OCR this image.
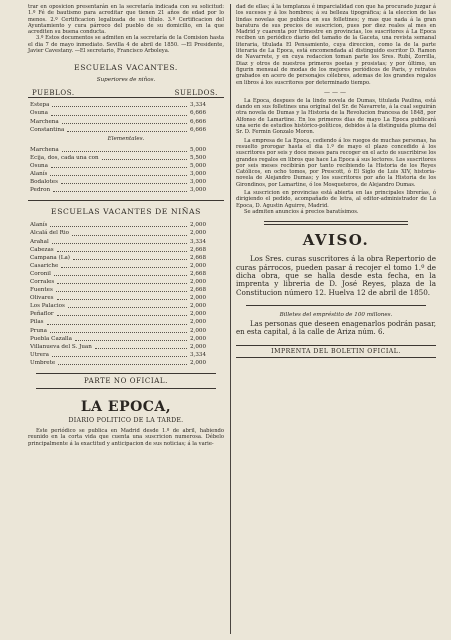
trar en oposicion presentarán en la secretaría indicada con su solicitud: 1.º Fé de bautismo para acreditar que tienen 21 años de edad por lo menos. 2.º Certificacion legalizada de su título. 3.º Certificacion del Ayuntamiento y cura párroco del pueblo de su domicilio, en la que acrediten su buena conducta.

3.º Estos documentos se admiten en la secretaría de la Comision hasta el dia 7 de mayo inmediato. Sevilla 4 de abril de 1850. —El Presidente, Javier Cavestany. —El secretario, Francisco Arboleya.

ESCUELAS VACANTES.
Superiores de niños.
PUEBLOS.	SUELDOS.
Estepa	3,334
Osuna	6,666
Marchena	6,666
Constantina	6,666
Elementales.
Marchena	5,000
Ecija, dos, cada una con	5,500
Osuna	5,000
Alanís	3,000
Bodalotes	3,000
Pedron	3,000
ESCUELAS VACANTES DE NIÑAS
Alanís	2,000
Alcalá del Rio	2,000
Arahal	3,334
Cabezas	2,668
Campana (La)	2,668
Casariche	2,000
Coronil	2,668
Corrales	2,000
Fuentes	2,668
Olivares	2,000
Los Palacios	2,000
Peñaflor	2,000
Pilas	2,000
Pruna	2,000
Puebla Cazalla	2,000
Villanueva del S. Juan	2,000
Utrera	3,334
Umbrete	2,000
PARTE NO OFICIAL.
LA EPOCA,
DIARIO POLITICO DE LA TARDE.

Este periódico se publica en Madrid desde 1.º de abril, habiendo reunido en la corta vida que cuenta una suscricion numerosa. Débelo principalmente á la exactitud y anticipacion de sus noticias; á la varie-

dad de ellas; á la templanza é imparcialidad con que ha procurado juzgar á los sucesos y á los hombres; á su belleza tipográfica; á la eleccion de las lindas novelas que publica en sus folletines; y mas que nada á la gran baratura de sus precios de suscricion, pues por diez reales al mes en Madrid y cuarenta por trimestre en provincias, los suscritores á La Epoca reciben un periódico diario del tamaño de la Gaceta, una revista semanal literaria, titulada El Pensamiento, cuya direccion, como la de la parte literaria de La Epoca, está encomendada al distinguido escritor D. Ramon de Navarrete, y en cuya redaccion toman parte los Sres. Rubí, Zorrilla, Diaz y otros de nuestros primeros poetas y prosistas; y por último, un figurin mensual de modas de los mejores periódicos de Paris, y retratos grabados en acero de personajes célebres, ademas de los grandes regalos en libros á los suscritores por determinado tiempo.

———

La Epoca, despues de la lindo novela de Dumas, titulada Paulina, está dando en sus folletines una original del Sr. de Navarrete, á la cual seguirán otra novela de Dumas y la Historia de la Revolucion francesa de 1848, por Alfonso de Lamartine. En los primeros dias de mayo La Epoca publicará una serie de estudios histórico-políticos, debidos á la distinguida pluma del Sr. D. Fermin Gonzalo Moron.

La empresa de La Epoca, cediendo á los ruegos de muchas personas, ha resuelto prorogar hasta el dia 1.º de mayo el plazo concedido á los suscritores por seis y doce meses para recoger en el acto de suscribirse los grandes regalos en libros que hace La Epoca á sus lectores. Los suscritores por seis meses recibirán por tanto recibiendo la Historia de los Reyes Católicos, en ocho tomos, por Prescott, ó El Siglo de Luis XIV, historia-novela de Alejandro Dumas; y los suscritores por año la Historia de los Girondinos, por Lamartine, ó los Mosqueteros, de Alejandro Dumas.

La suscricion en provincias está abierta en las principales librerías, ó dirigiendo el pedido, acompañado de letra, al editor-administrador de La Epoca, D. Agustin Aguirre, Madrid.

Se admiten anuncios á precios baratísimos.

AVISO.

Los Sres. curas suscritores á la obra Repertorio de curas párrocos, pueden pasar á recojer el tomo 1.º de dicha obra, que se halla desde esta fecha, en la imprenta y libreria de D. José Reyes, plaza de la Constitucion número 12. Huelva 12 de abril de 1850.

Billetes del empréstito de 100 millones.

Las personas que deseen enagenarlos podrán pasar, en esta capital, á la calle de Ariza núm. 6.

IMPRENTA DEL BOLETIN OFICIAL.
